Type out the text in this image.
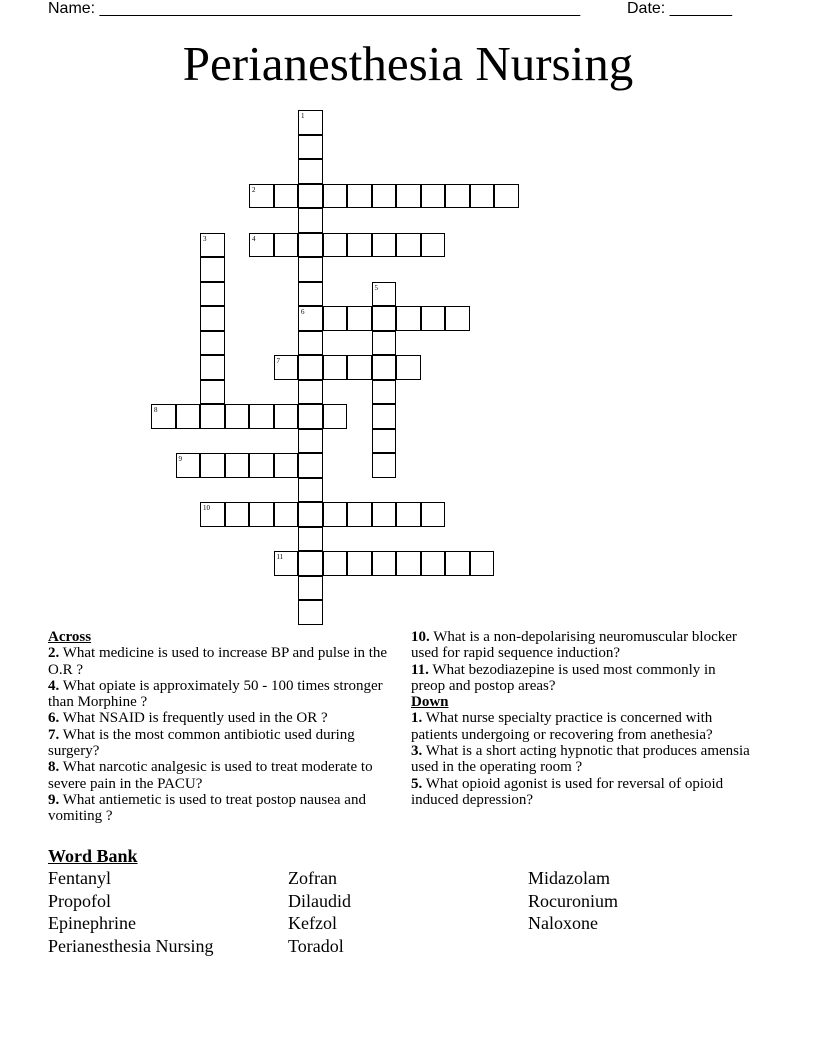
Name: ______________________________________________________	Date: _______
Perianesthesia Nursing
1
6
2
3	4
5
7
8
9
10
11
Across

2. What medicine is used to increase BP and pulse in the O.R ?

4. What opiate is approximately 50 - 100 times stronger than Morphine ?

6. What NSAID is frequently used in the OR ?

7. What is the most common antibiotic used during surgery?

8. What narcotic analgesic is used to treat moderate to severe pain in the PACU?

9. What antiemetic is used to treat postop nausea and vomiting ?

10. What is a non-depolarising neuromuscular blocker used for rapid sequence induction?

11. What bezodiazepine is used most commonly in preop and postop areas?

Down

1. What nurse specialty practice is concerned with patients undergoing or recovering from anethesia?

3. What is a short acting hypnotic that produces amensia used in the operating room ?

5. What opioid agonist is used for reversal of opioid induced depression?

Word Bank
Fentanyl
Propofol
Epinephrine
Perianesthesia Nursing
Zofran
Dilaudid
Kefzol
Toradol
Midazolam
Rocuronium
Naloxone
